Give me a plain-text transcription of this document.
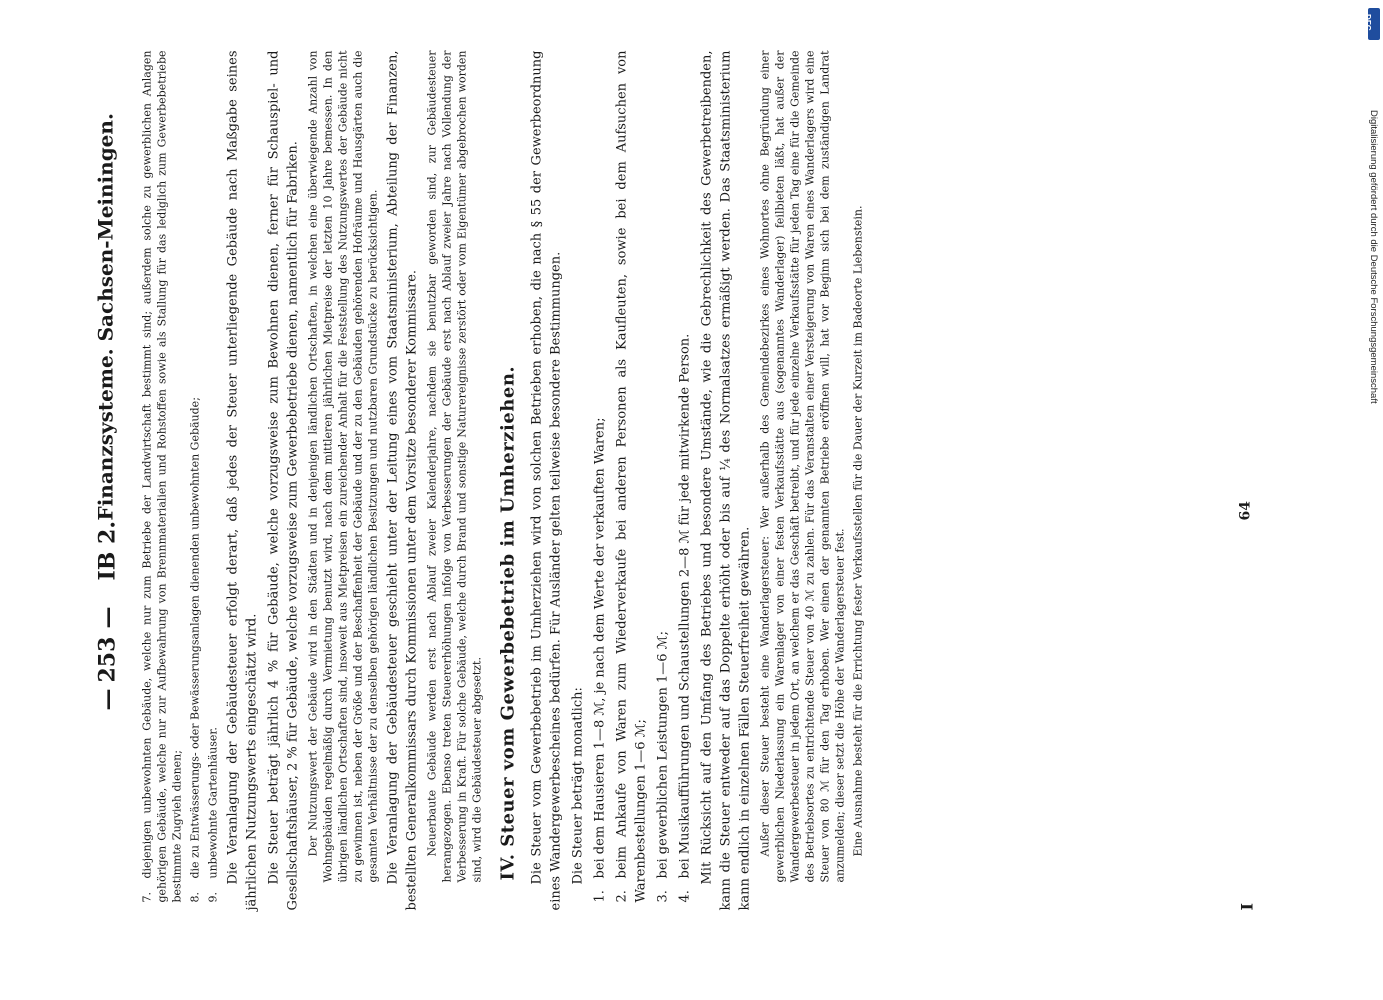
—
253
—
IB 2.
Finanzsysteme. Sachsen-Meiningen.

7.diejenigen unbewohnten Gebäude, welche nur zum Betriebe der Landwirtschaft bestimmt sind; außerdem solche zu gewerblichen Anlagen gehörigen Gebäude, welche nur zur Aufbewahrung von Brennmaterialien und Rohstoffen sowie als Stallung für das lediglich zum Gewerbebetriebe bestimmte Zugvieh dienen; 8.die zu Entwässerungs- oder Bewässerungsanlagen dienenden unbewohnten Gebäude;

9.unbewohnte Gartenhäuser. Die Veranlagung der Gebäudesteuer erfolgt derart, daß jedes der Steuer unterliegende Gebäude nach Maßgabe seines jährlichen Nutzungswerts eingeschätzt wird. Die Steuer beträgt jährlich 4 % für Gebäude, welche vorzugsweise zum Bewohnen dienen, ferner für Schauspiel- und Gesellschaftshäuser, 2 % für Gebäude, welche vorzugsweise zum Gewerbebetriebe dienen, namentlich für Fabriken. Der Nutzungswert der Gebäude wird in den Städten und in denjenigen ländlichen Ortschaften, in welchen eine überwiegende Anzahl von Wohngebäuden regelmäßig durch Vermietung benutzt wird, nach dem mittleren jährlichen Mietpreise der letzten 10 Jahre bemessen. In den übrigen ländlichen Ortschaften sind, insoweit aus Mietpreisen ein zureichender Anhalt für die Feststellung des Nutzungswertes der Gebäude nicht zu gewinnen ist, neben der Größe und der Beschaffenheit der Gebäude und der zu den Gebäuden gehörenden Hofräume und Hausgärten auch die gesamten Verhältnisse der zu denselben gehörigen ländlichen Besitzungen und nutzbaren Grundstücke zu berücksichtigen. Die Veranlagung der Gebäudesteuer geschieht unter der Leitung eines vom Staatsministerium, Abteilung der Finanzen, bestellten Generalkommissars durch Kommissionen unter dem Vorsitze besonderer Kommissare. Neuerbaute Gebäude werden erst nach Ablauf zweier Kalenderjahre, nachdem sie benutzbar geworden sind, zur Gebäudesteuer herangezogen. Ebenso treten Steuererhöhungen infolge von Verbesserungen der Gebäude erst nach Ablauf zweier Jahre nach Vollendung der Verbesserung in Kraft. Für solche Gebäude, welche durch Brand und sonstige Naturereignisse zerstört oder vom Eigentümer abgebrochen worden sind, wird die Gebäudesteuer abgesetzt. IV. Steuer vom Gewerbebetrieb im Umherziehen. Die Steuer vom Gewerbebetrieb im Umherziehen wird von solchen Betrieben erhoben, die nach § 55 der Gewerbeordnung eines Wandergewerbescheines bedürfen. Für Ausländer gelten teilweise besondere Bestimmungen. Die Steuer beträgt monatlich:

1.bei dem Hausieren 1—8 ℳ, je nach dem Werte der verkauften Waren;

2.beim Ankaufe von Waren zum Wiederverkaufe bei anderen Personen als Kaufleuten, sowie bei dem Aufsuchen von Warenbestellungen 1—6 ℳ; 3.bei gewerblichen Leistungen 1—6 ℳ;

4.bei Musikaufführungen und Schaustellungen 2—8 ℳ für jede mitwirkende Person. Mit Rücksicht auf den Umfang des Betriebes und besondere Umstände, wie die Gebrechlichkeit des Gewerbetreibenden, kann die Steuer entweder auf das Doppelte erhöht oder bis auf ¼ des Normalsatzes ermäßigt werden. Das Staatsministerium kann endlich in einzelnen Fällen Steuerfreiheit gewähren. Außer dieser Steuer besteht eine Wanderlagersteuer: Wer außerhalb des Gemeindebezirkes eines Wohnortes ohne Begründung einer gewerblichen Niederlassung ein Warenlager von einer festen Verkaufsstätte aus (sogenanntes Wanderlager) feilbieten läßt, hat außer der Wandergewerbesteuer in jedem Ort, an welchem er das Geschäft betreibt, und für jede einzelne Verkaufsstätte für jeden Tag eine für die Gemeinde des Betriebsortes zu entrichtende Steuer von 40 ℳ zu zahlen. Für das Veranstalten einer Versteigerung von Waren eines Wanderlagers wird eine Steuer von 80 ℳ für den Tag erhoben. Wer einen der genannten Betriebe eröffnen will, hat vor Beginn sich bei dem zuständigen Landrat anzumelden; dieser setzt die Höhe der Wanderlagersteuer fest. Eine Ausnahme besteht für die Errichtung fester Verkaufsstellen für die Dauer der Kurzeit im Badeorte Liebenstein.

I
64
DFG
Digitalisierung gefördert durch die Deutsche Forschungsgemeinschaft
